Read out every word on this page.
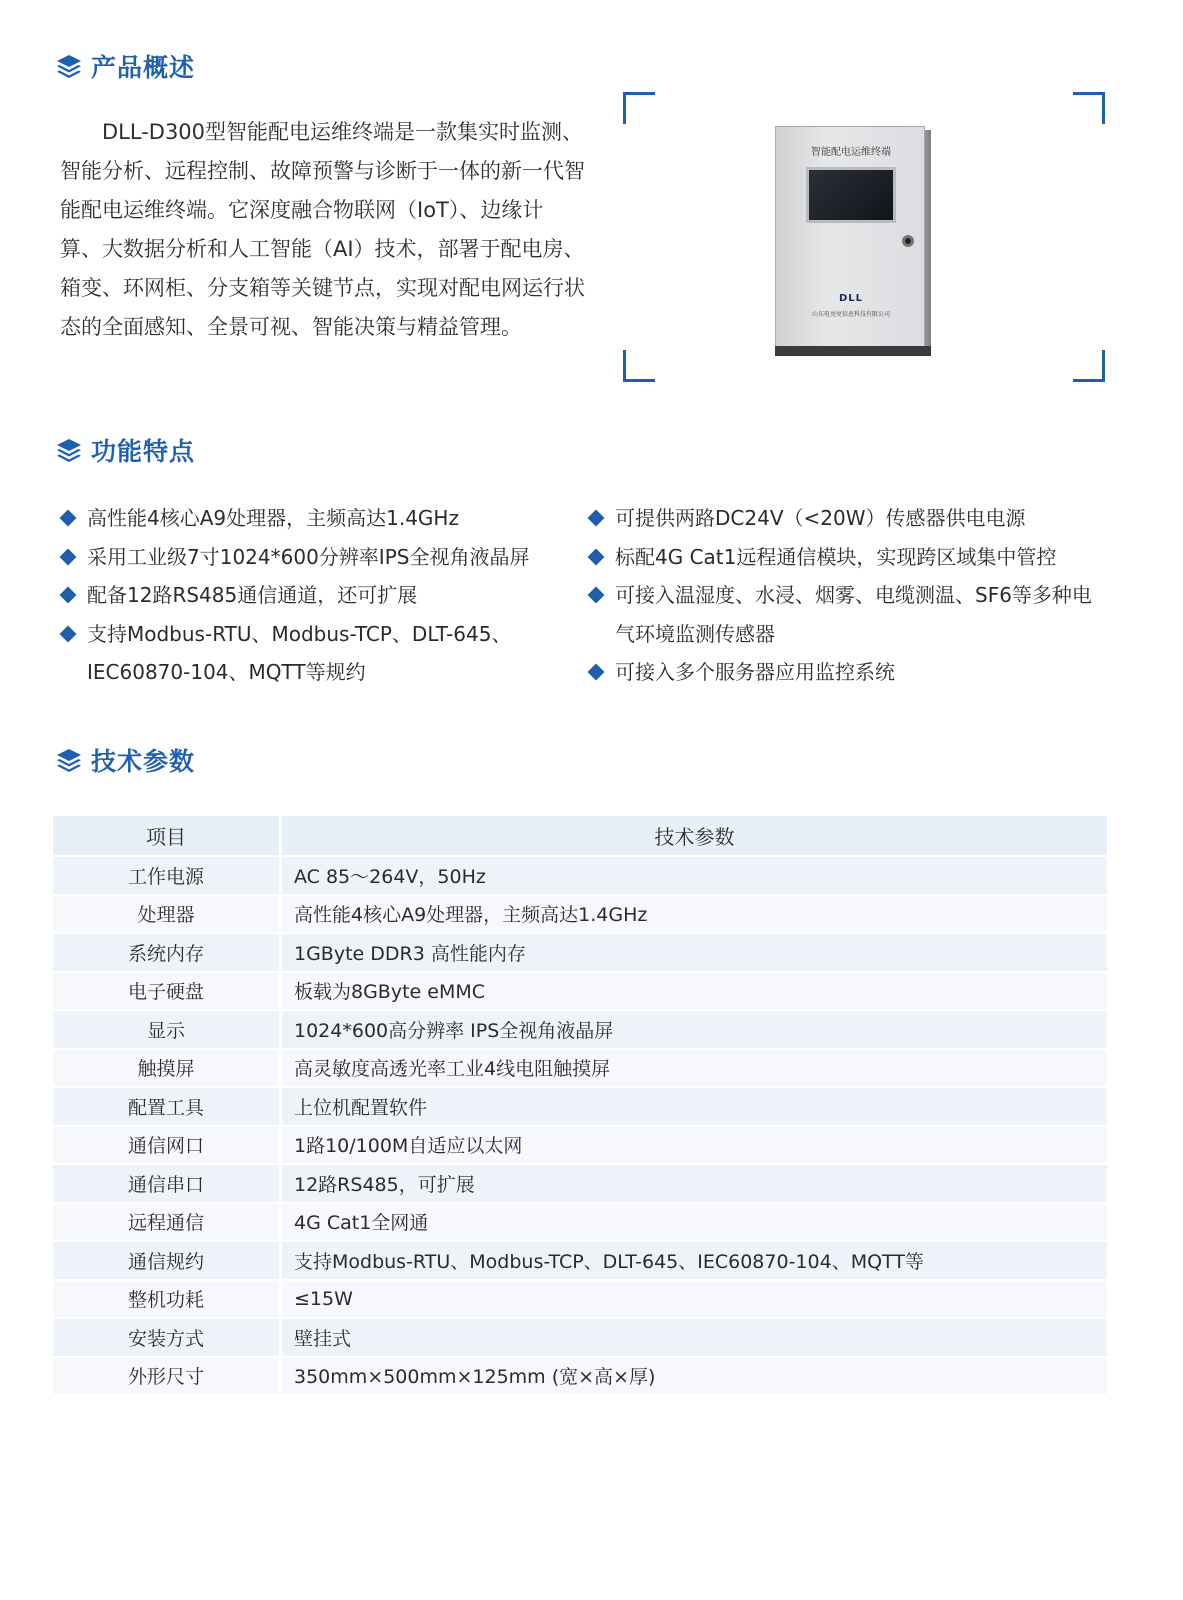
产品概述

DLL-D300型智能配电运维终端是一款集实时监测、智能分析、远程控制、故障预警与诊断于一体的新一代智能配电运维终端。它深度融合物联网（IoT）、边缘计算、大数据分析和人工智能（AI）技术，部署于配电房、箱变、环网柜、分支箱等关键节点，实现对配电网运行状态的全面感知、全景可视、智能决策与精益管理。

智能配电运维终端
DLL
山东电亮亮信息科技有限公司
功能特点
高性能4核心A9处理器，主频高达1.4GHz
采用工业级7寸1024*600分辨率IPS全视角液晶屏
配备12路RS485通信通道，还可扩展
支持Modbus-RTU、Modbus-TCP、DLT-645、IEC60870-104、MQTT等规约
可提供两路DC24V（<20W）传感器供电电源
标配4G Cat1远程通信模块，实现跨区域集中管控
可接入温湿度、水浸、烟雾、电缆测温、SF6等多种电气环境监测传感器
可接入多个服务器应用监控系统
技术参数
项目	技术参数
工作电源	AC 85～264V，50Hz
处理器	高性能4核心A9处理器，主频高达1.4GHz
系统内存	1GByte DDR3 高性能内存
电子硬盘	板载为8GByte eMMC
显示	1024*600高分辨率 IPS全视角液晶屏
触摸屏	高灵敏度高透光率工业4线电阻触摸屏
配置工具	上位机配置软件
通信网口	1路10/100M自适应以太网
通信串口	12路RS485，可扩展
远程通信	4G Cat1全网通
通信规约	支持Modbus-RTU、Modbus-TCP、DLT-645、IEC60870-104、MQTT等
整机功耗	≤15W
安装方式	壁挂式
外形尺寸	350mm×500mm×125mm (宽×高×厚)
